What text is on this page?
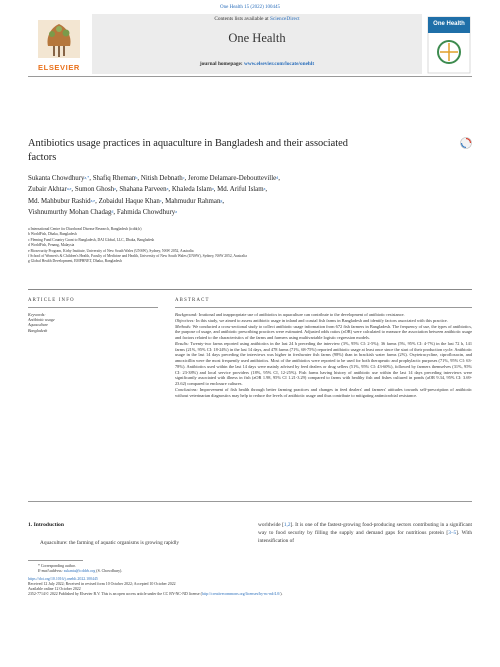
One Health 15 (2022) 100445
ELSEVIER
Contents lists available at ScienceDirect
One Health
journal homepage: www.elsevier.com/locate/onehlt
One Health
Antibiotics usage practices in aquaculture in Bangladesh and their associated factors
Sukanta Chowdhury$^{a,*}$, Shafiq Rheman$^b$, Nitish Debnath$^c$, Jerome Delamare-Deboutteville$^d$,
Zubair Akhtar$^{a,e}$, Sumon Ghosh$^a$, Shahana Parveen$^a$, Khaleda Islam$^a$, Md. Ariful Islam$^a$,
Md. Mahbubur Rashid$^{a,e}$, Zobaidul Haque Khan$^c$, Mahmudur Rahman$^g$,
Vishnumurthy Mohan Chadag$^d$, Fahmida Chowdhury$^a$
a International Centre for Diarrhoeal Disease Research, Bangladesh (icddr,b)
b WorldFish, Dhaka, Bangladesh
c Fleming Fund Country Grant to Bangladesh, DAI Global, LLC, Dhaka, Bangladesh
d WorldFish, Penang, Malaysia
e Biosecurity Program, Kirby Institute, University of New South Wales (UNSW), Sydney, NSW 2052, Australia
f School of Women's & Children's Health, Faculty of Medicine and Health, University of New South Wales (UNSW), Sydney, NSW 2052, Australia
g Global Health Development, EMPHNET, Dhaka, Bangladesh
ARTICLE INFO	ABSTRACT
Keywords:
Antibiotic usage
Aquaculture
Bangladesh

Background: Irrational and inappropriate use of antibiotics in aquaculture can contribute to the development of antibiotic resistance.

Objectives: In this study, we aimed to assess antibiotic usage in inland and coastal fish farms in Bangladesh and identify factors associated with this practice.

Methods: We conducted a cross-sectional study to collect antibiotic usage information from 672 fish farmers in Bangladesh. The frequency of use, the types of antibiotics, the purpose of usage, and antibiotic prescribing practices were estimated. Adjusted odds ratios (aOR) were calculated to measure the association between antibiotic usage and factors related to the characteristics of the farms and farmers using multivariable logistic regression models.

Results: Twenty-two farms reported using antibiotics in the last 24 h preceding the interview (3%, 95% CI: 2-5%); 36 farms (5%, 95% CI: 4-7%) in the last 72 h, 141 farms (21%, 95% CI: 18-24%) in the last 14 days, and 478 farms (71%, 68-75%) reported antibiotic usage at least once since the start of their production cycle. Antibiotic usage in the last 14 days preceding the interviews was higher in freshwater fish farms (98%) than in brackish water farms (2%). Oxytetracycline, ciprofloxacin, and amoxicillin were the most frequently used antibiotics. Most of the antibiotics were reported to be used for both therapeutic and prophylactic purposes (71%, 95% CI: 63-78%). Antibiotics used within the last 14 days were mainly advised by feed dealers or drug sellers (51%, 95% CI: 43-60%), followed by farmers themselves (31%, 95% CI: 23-38%) and local service providers (18%, 95% CI, 12-25%). Fish farms having history of antibiotic use within the last 14 days preceding interviews were significantly associated with illness in fish (aOR 1.98, 95% CI 1.21-3.29) compared to farms with healthy fish and fishes cultured in ponds (aOR 9.34, 95% CI: 3.69-23.62) compared to enclosure cultures.

Conclusions: Improvement of fish health through better farming practices and changes in feed dealers' and farmers' attitudes towards self-prescription of antibiotic without veterinarian diagnostics may help to reduce the levels of antibiotic usage and thus contribute to mitigating antimicrobial resistance.

1. Introduction
Aquaculture: the farming of aquatic organisms is growing rapidly
worldwide [1,2]. It is one of the fastest-growing food-producing sectors contributing in a significant way to food security by filling the supply and demand gaps for nutritious protein [3–5]. With intensification of
* Corresponding author.
E-mail address: sukanta@icddrb.org (S. Chowdhury).
https://doi.org/10.1016/j.onehlt.2022.100445
Received 12 July 2022; Received in revised form 10 October 2022; Accepted 10 October 2022
Available online 12 October 2022
2352-7714/© 2022 Published by Elsevier B.V. This is an open access article under the CC BY-NC-ND license (http://creativecommons.org/licenses/by-nc-nd/4.0/).
